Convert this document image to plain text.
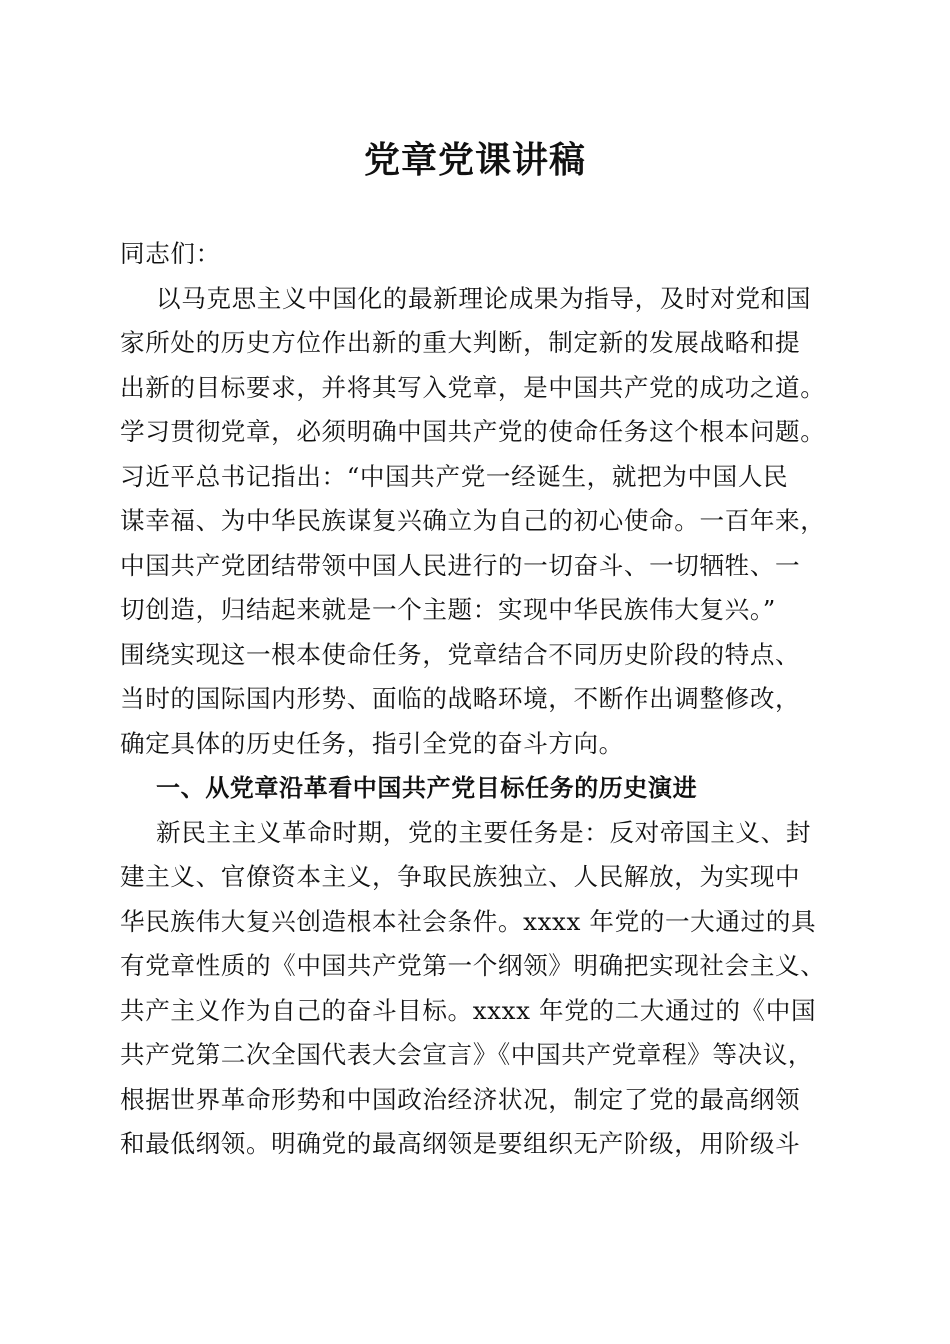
党章党课讲稿
同志们：
以马克思主义中国化的最新理论成果为指导，及时对党和国
家所处的历史方位作出新的重大判断，制定新的发展战略和提
出新的目标要求，并将其写入党章，是中国共产党的成功之道。
学习贯彻党章，必须明确中国共产党的使命任务这个根本问题。
习近平总书记指出：“中国共产党一经诞生，就把为中国人民
谋幸福、为中华民族谋复兴确立为自己的初心使命。一百年来，
中国共产党团结带领中国人民进行的一切奋斗、一切牺牲、一
切创造，归结起来就是一个主题：实现中华民族伟大复兴。”
围绕实现这一根本使命任务，党章结合不同历史阶段的特点、
当时的国际国内形势、面临的战略环境，不断作出调整修改，
确定具体的历史任务，指引全党的奋斗方向。
一、从党章沿革看中国共产党目标任务的历史演进
新民主主义革命时期，党的主要任务是：反对帝国主义、封
建主义、官僚资本主义，争取民族独立、人民解放，为实现中
华民族伟大复兴创造根本社会条件。xxxx 年党的一大通过的具
有党章性质的《中国共产党第一个纲领》明确把实现社会主义、
共产主义作为自己的奋斗目标。xxxx 年党的二大通过的《中国
共产党第二次全国代表大会宣言》《中国共产党章程》等决议，
根据世界革命形势和中国政治经济状况，制定了党的最高纲领
和最低纲领。明确党的最高纲领是要组织无产阶级，用阶级斗
